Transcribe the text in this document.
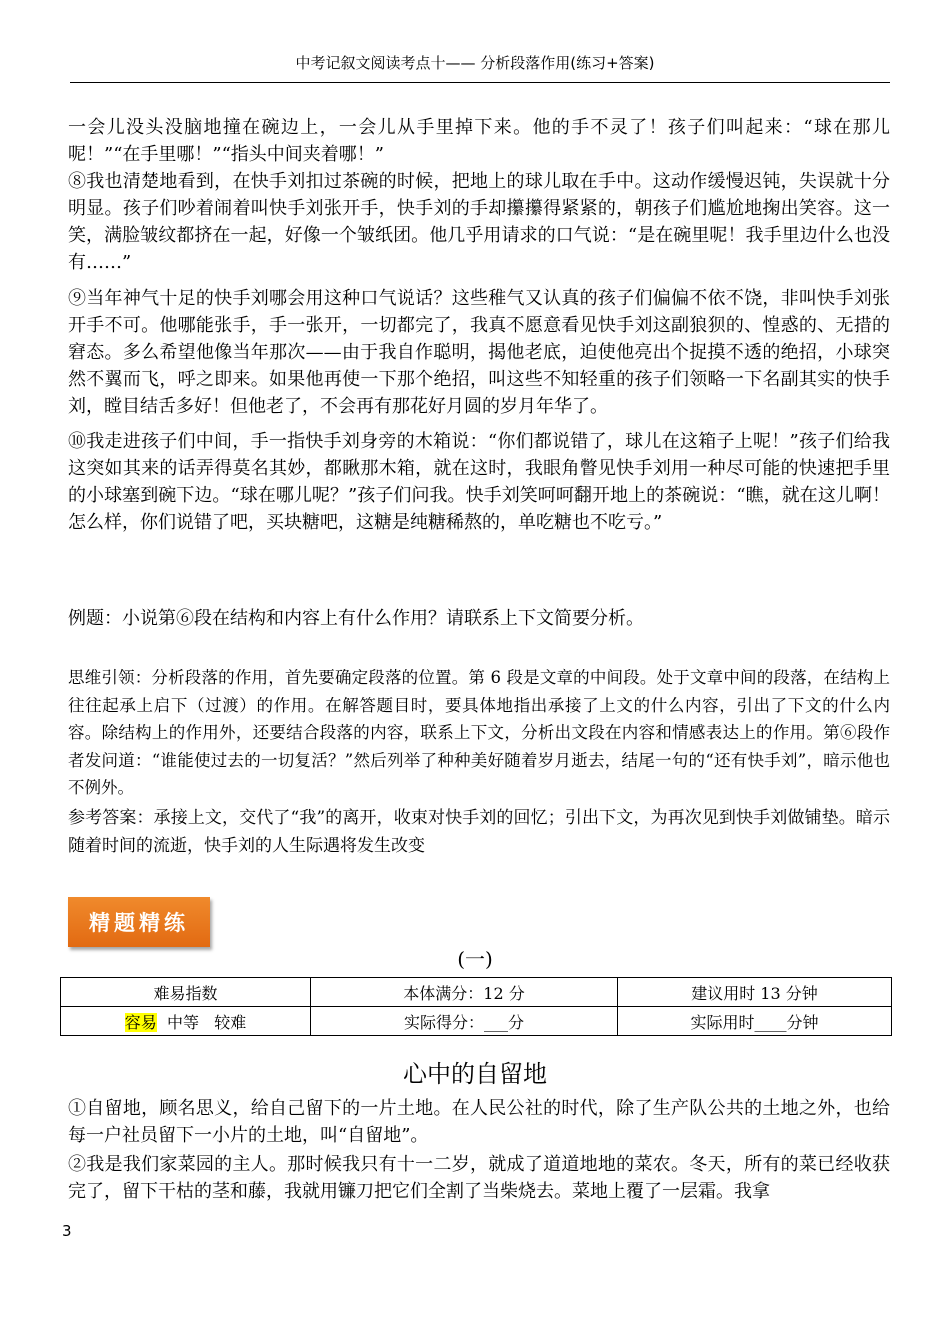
中考记叙文阅读考点十—— 分析段落作用(练习+答案)

一会儿没头没脑地撞在碗边上，一会儿从手里掉下来。他的手不灵了！孩子们叫起来：“球在那儿呢！”“在手里哪！”“指头中间夹着哪！”

⑧我也清楚地看到，在快手刘扣过茶碗的时候，把地上的球儿取在手中。这动作缓慢迟钝，失误就十分明显。孩子们吵着闹着叫快手刘张开手，快手刘的手却攥攥得紧紧的，朝孩子们尴尬地掬出笑容。这一笑，满脸皱纹都挤在一起，好像一个皱纸团。他几乎用请求的口气说：“是在碗里呢！我手里边什么也没有……”

⑨当年神气十足的快手刘哪会用这种口气说话？这些稚气又认真的孩子们偏偏不依不饶，非叫快手刘张开手不可。他哪能张手，手一张开，一切都完了，我真不愿意看见快手刘这副狼狈的、惶惑的、无措的窘态。多么希望他像当年那次——由于我自作聪明，揭他老底，迫使他亮出个捉摸不透的绝招，小球突然不翼而飞，呼之即来。如果他再使一下那个绝招，叫这些不知轻重的孩子们领略一下名副其实的快手刘，瞠目结舌多好！但他老了，不会再有那花好月圆的岁月年华了。

⑩我走进孩子们中间，手一指快手刘身旁的木箱说：“你们都说错了，球儿在这箱子上呢！”孩子们给我这突如其来的话弄得莫名其妙，都瞅那木箱，就在这时，我眼角瞥见快手刘用一种尽可能的快速把手里的小球塞到碗下边。“球在哪儿呢？”孩子们问我。快手刘笑呵呵翻开地上的茶碗说：“瞧，就在这儿啊！怎么样，你们说错了吧，买块糖吧，这糖是纯糖稀熬的，单吃糖也不吃亏。”

例题：小说第⑥段在结构和内容上有什么作用？请联系上下文简要分析。

思维引领：分析段落的作用，首先要确定段落的位置。第 6 段是文章的中间段。处于文章中间的段落，在结构上往往起承上启下（过渡）的作用。在解答题目时，要具体地指出承接了上文的什么内容，引出了下文的什么内容。除结构上的作用外，还要结合段落的内容，联系上下文，分析出文段在内容和情感表达上的作用。第⑥段作者发问道：“谁能使过去的一切复活？”然后列举了种种美好随着岁月逝去，结尾一句的“还有快手刘”，暗示他也不例外。

参考答案：承接上文，交代了“我”的离开，收束对快手刘的回忆；引出下文，为再次见到快手刘做铺垫。暗示随着时间的流逝，快手刘的人生际遇将发生改变

精题精练
(一)
难易指数	本体满分：12 分	建议用时 13 分钟
容易 中等 较难	实际得分：___分	实际用时____分钟
心中的自留地

①自留地，顾名思义，给自己留下的一片土地。在人民公社的时代，除了生产队公共的土地之外，也给每一户社员留下一小片的土地，叫“自留地”。

②我是我们家菜园的主人。那时候我只有十一二岁，就成了道道地地的菜农。冬天，所有的菜已经收获完了，留下干枯的茎和藤，我就用镰刀把它们全割了当柴烧去。菜地上覆了一层霜。我拿

3
